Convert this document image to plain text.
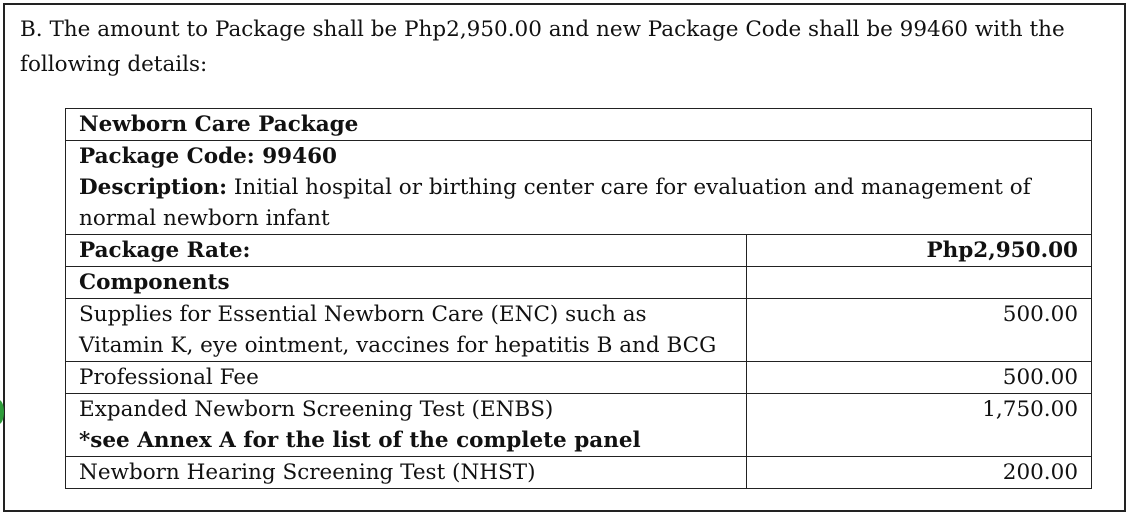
B. The amount to Package shall be Php2,950.00 and new Package Code shall be 99460 with the following details:

Newborn Care Package	

Package Code: 99460
Description: Initial hospital or birthing center care for evaluation and management of normal newborn infant	

Package Rate:	Php2,950.00
Components	

Supplies for Essential Newborn Care (ENC) such as
Vitamin K, eye ointment, vaccines for hepatitis B and BCG	500.00
Professional Fee	500.00

Expanded Newborn Screening Test (ENBS)
*see Annex A for the list of the complete panel	1,750.00
Newborn Hearing Screening Test (NHST)	200.00
